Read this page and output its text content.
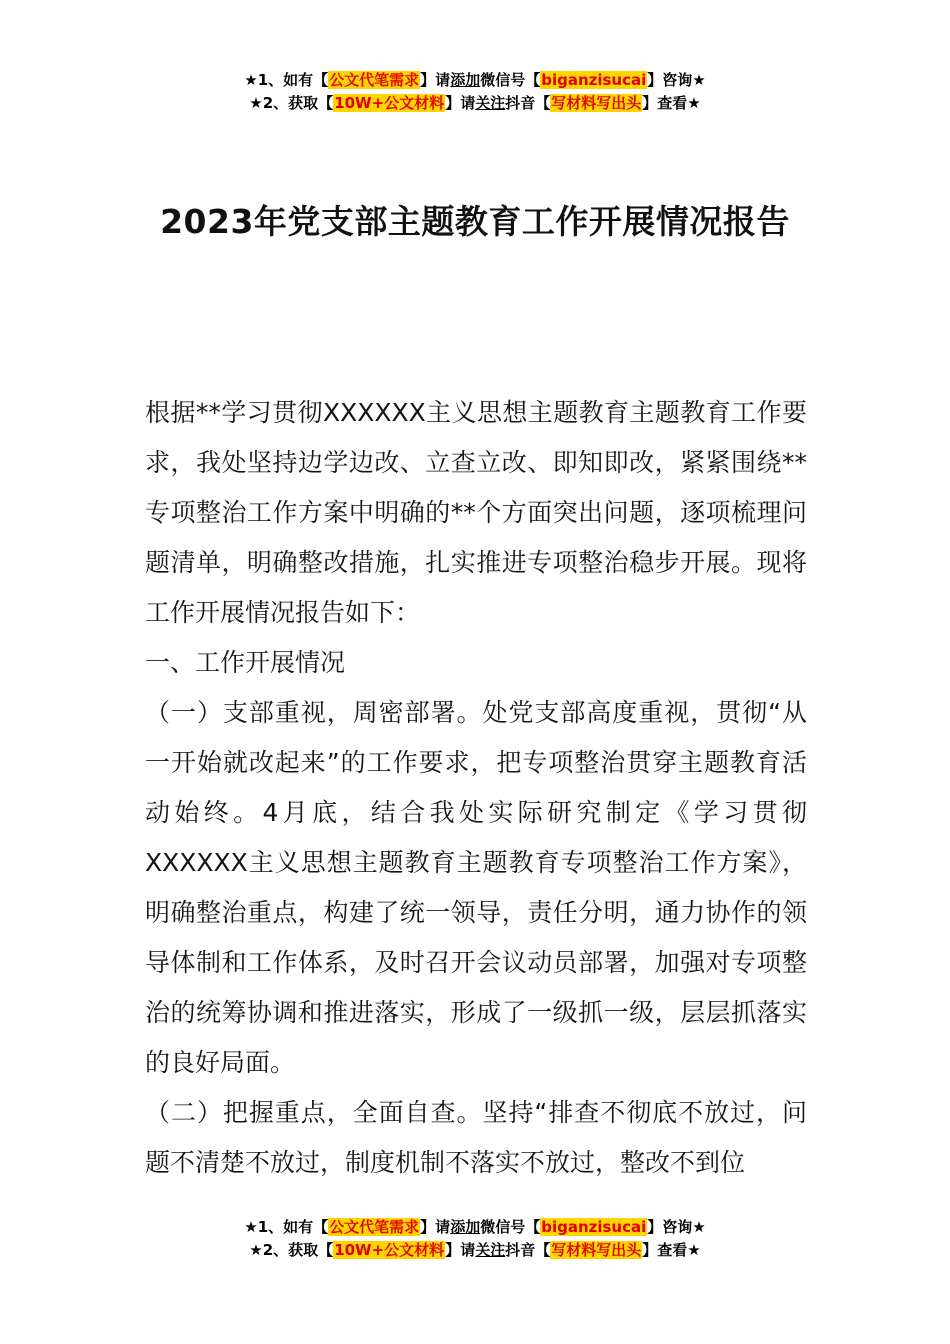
★1、如有【公文代笔需求】请添加微信号【biganzisucai】咨询★
★2、获取【10W+公文材料】请关注抖音【写材料写出头】查看★
2023年党支部主题教育工作开展情况报告

根据**学习贯彻XXXXXX主义思想主题教育主题教育工作要求，我处坚持边学边改、立查立改、即知即改，紧紧围绕**专项整治工作方案中明确的**个方面突出问题，逐项梳理问题清单，明确整改措施，扎实推进专项整治稳步开展。现将工作开展情况报告如下：

一、工作开展情况

（一）支部重视，周密部署。处党支部高度重视，贯彻“从一开始就改起来”的工作要求，把专项整治贯穿主题教育活动始终。4月底，结合我处实际研究制定《学习贯彻XXXXXX主义思想主题教育主题教育专项整治工作方案》，明确整治重点，构建了统一领导，责任分明，通力协作的领导体制和工作体系，及时召开会议动员部署，加强对专项整治的统筹协调和推进落实，形成了一级抓一级，层层抓落实的良好局面。

（二）把握重点，全面自查。坚持“排查不彻底不放过，问题不清楚不放过，制度机制不落实不放过，整改不到位

★1、如有【公文代笔需求】请添加微信号【biganzisucai】咨询★
★2、获取【10W+公文材料】请关注抖音【写材料写出头】查看★
